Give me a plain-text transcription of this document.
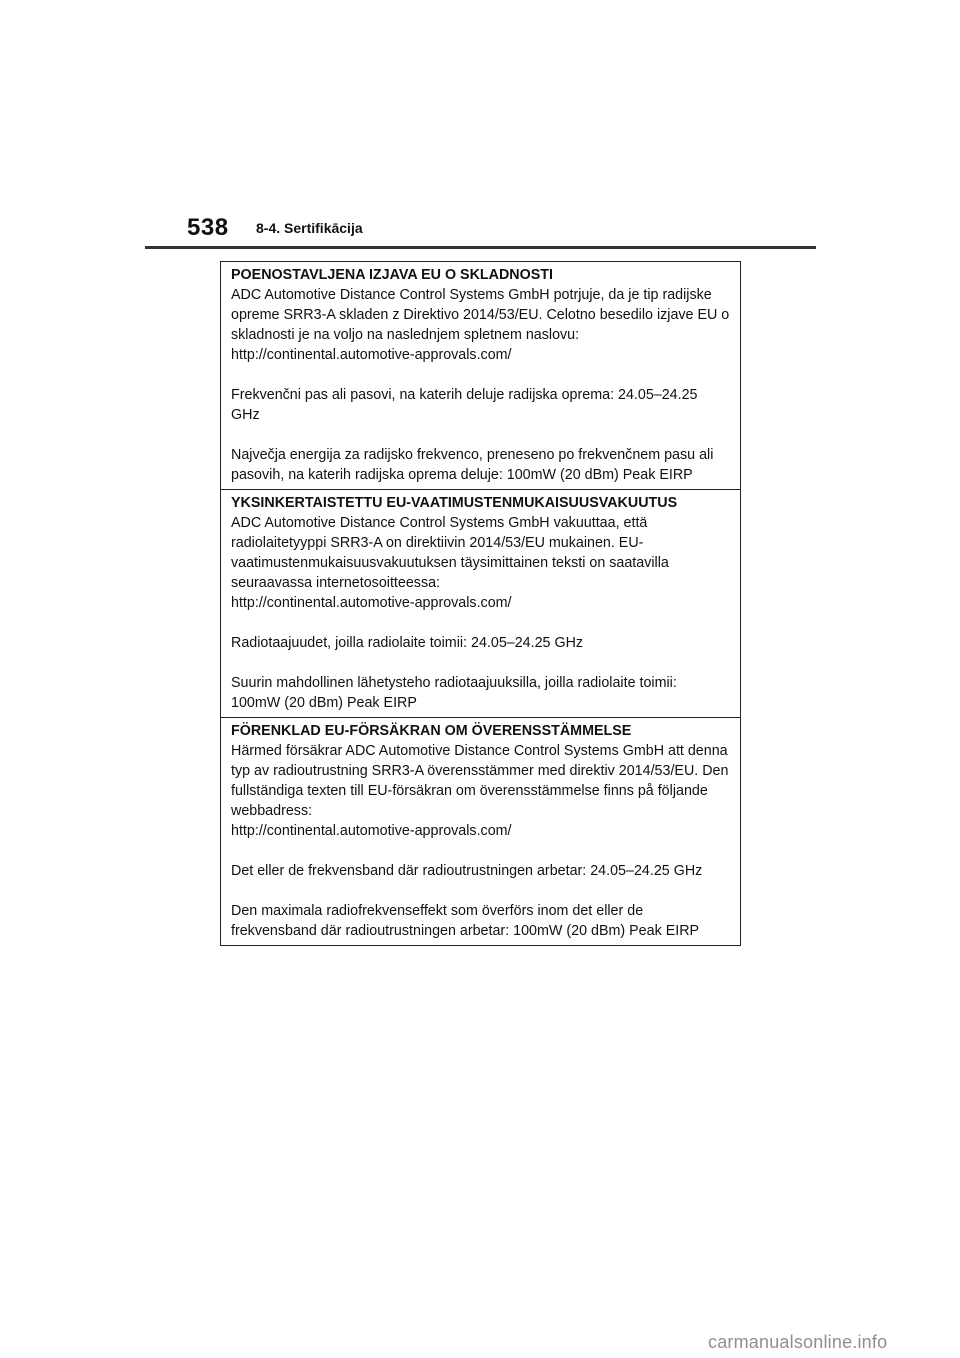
538 8-4. Sertifikācija
POENOSTAVLJENA IZJAVA EU O SKLADNOSTI

ADC Automotive Distance Control Systems GmbH potrjuje, da je tip radijske opreme SRR3-A skladen z Direktivo 2014/53/EU. Celotno besedilo izjave EU o skladnosti je na voljo na naslednjem spletnem naslovu:

http://continental.automotive-approvals.com/

Frekvenčni pas ali pasovi, na katerih deluje radijska oprema: 24.05–24.25 GHz

Največja energija za radijsko frekvenco, preneseno po frekvenčnem pasu ali pasovih, na katerih radijska oprema deluje: 100mW (20 dBm) Peak EIRP

YKSINKERTAISTETTU EU-VAATIMUSTENMUKAISUUSVAKUUTUS

ADC Automotive Distance Control Systems GmbH vakuuttaa, että radiolaitetyyppi SRR3-A on direktiivin 2014/53/EU mukainen. EU-vaatimustenmukaisuusvakuutuksen täysimittainen teksti on saatavilla seuraavassa internetosoitteessa:

http://continental.automotive-approvals.com/

Radiotaajuudet, joilla radiolaite toimii: 24.05–24.25 GHz

Suurin mahdollinen lähetysteho radiotaajuuksilla, joilla radiolaite toimii: 100mW (20 dBm) Peak EIRP

FÖRENKLAD EU-FÖRSÄKRAN OM ÖVERENSSTÄMMELSE

Härmed försäkrar ADC Automotive Distance Control Systems GmbH att denna typ av radioutrustning SRR3-A överensstämmer med direktiv 2014/53/EU. Den fullständiga texten till EU-försäkran om överensstämmelse finns på följande webbadress:

http://continental.automotive-approvals.com/

Det eller de frekvensband där radioutrustningen arbetar: 24.05–24.25 GHz

Den maximala radiofrekvenseffekt som överförs inom det eller de frekvensband där radioutrustningen arbetar: 100mW (20 dBm) Peak EIRP

carmanualsonline.info
